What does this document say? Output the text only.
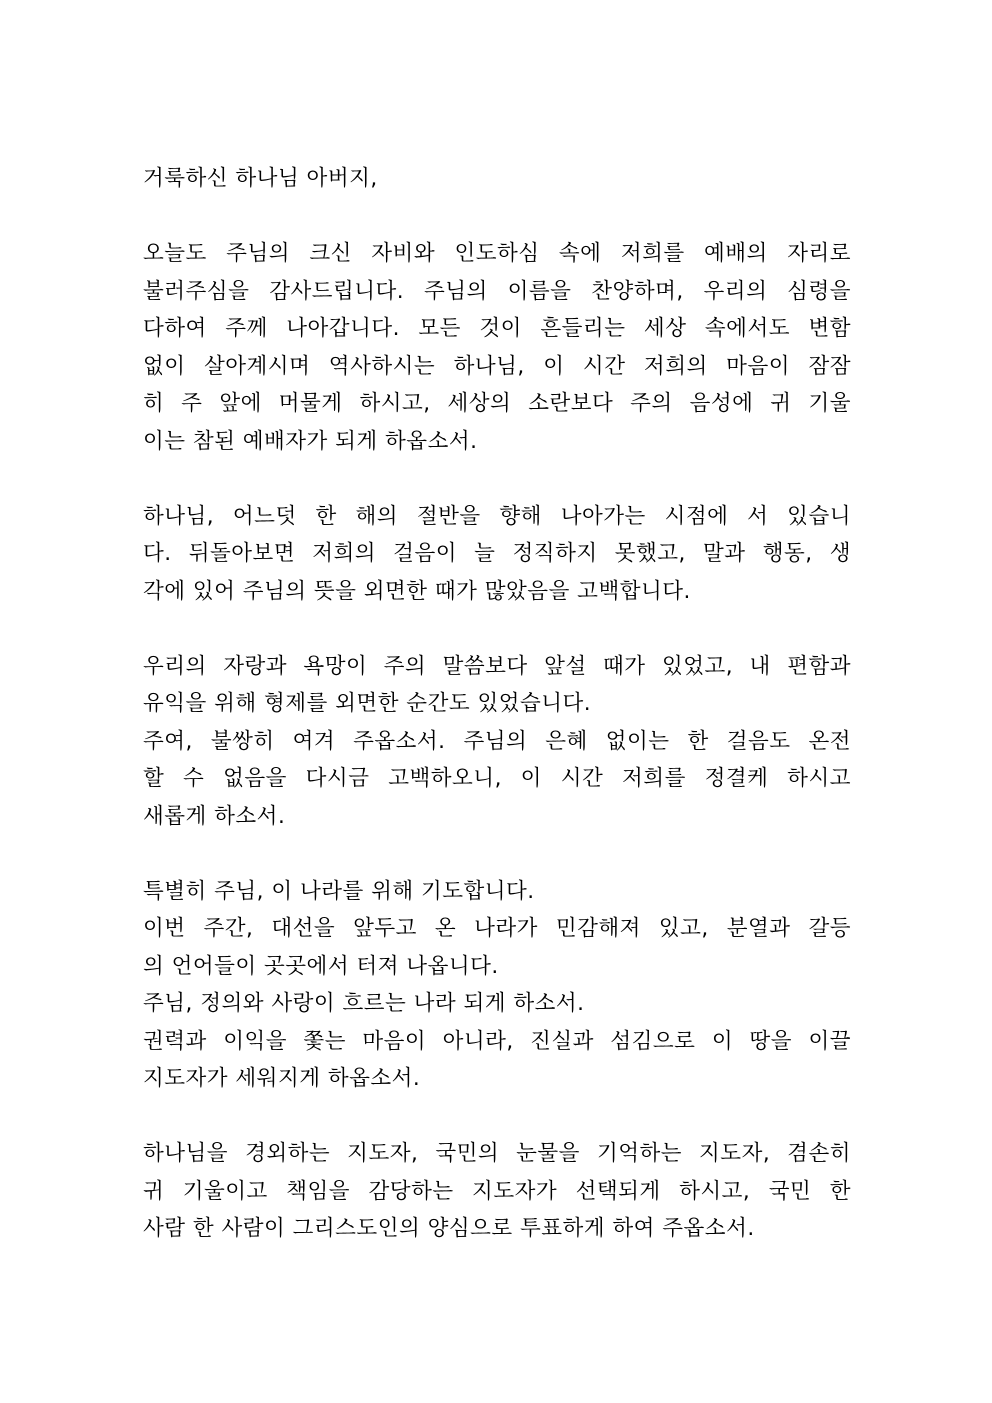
거룩하신 하나님 아버지,
오늘도 주님의 크신 자비와 인도하심 속에 저희를 예배의 자리로
불러주심을 감사드립니다. 주님의 이름을 찬양하며, 우리의 심령을
다하여 주께 나아갑니다. 모든 것이 흔들리는 세상 속에서도 변함
없이 살아계시며 역사하시는 하나님, 이 시간 저희의 마음이 잠잠
히 주 앞에 머물게 하시고, 세상의 소란보다 주의 음성에 귀 기울
이는 참된 예배자가 되게 하옵소서.
하나님, 어느덧 한 해의 절반을 향해 나아가는 시점에 서 있습니
다. 뒤돌아보면 저희의 걸음이 늘 정직하지 못했고, 말과 행동, 생
각에 있어 주님의 뜻을 외면한 때가 많았음을 고백합니다.
우리의 자랑과 욕망이 주의 말씀보다 앞설 때가 있었고, 내 편함과
유익을 위해 형제를 외면한 순간도 있었습니다.
주여, 불쌍히 여겨 주옵소서. 주님의 은혜 없이는 한 걸음도 온전
할 수 없음을 다시금 고백하오니, 이 시간 저희를 정결케 하시고
새롭게 하소서.
특별히 주님, 이 나라를 위해 기도합니다.
이번 주간, 대선을 앞두고 온 나라가 민감해져 있고, 분열과 갈등
의 언어들이 곳곳에서 터져 나옵니다.
주님, 정의와 사랑이 흐르는 나라 되게 하소서.
권력과 이익을 쫓는 마음이 아니라, 진실과 섬김으로 이 땅을 이끌
지도자가 세워지게 하옵소서.
하나님을 경외하는 지도자, 국민의 눈물을 기억하는 지도자, 겸손히
귀 기울이고 책임을 감당하는 지도자가 선택되게 하시고, 국민 한
사람 한 사람이 그리스도인의 양심으로 투표하게 하여 주옵소서.
